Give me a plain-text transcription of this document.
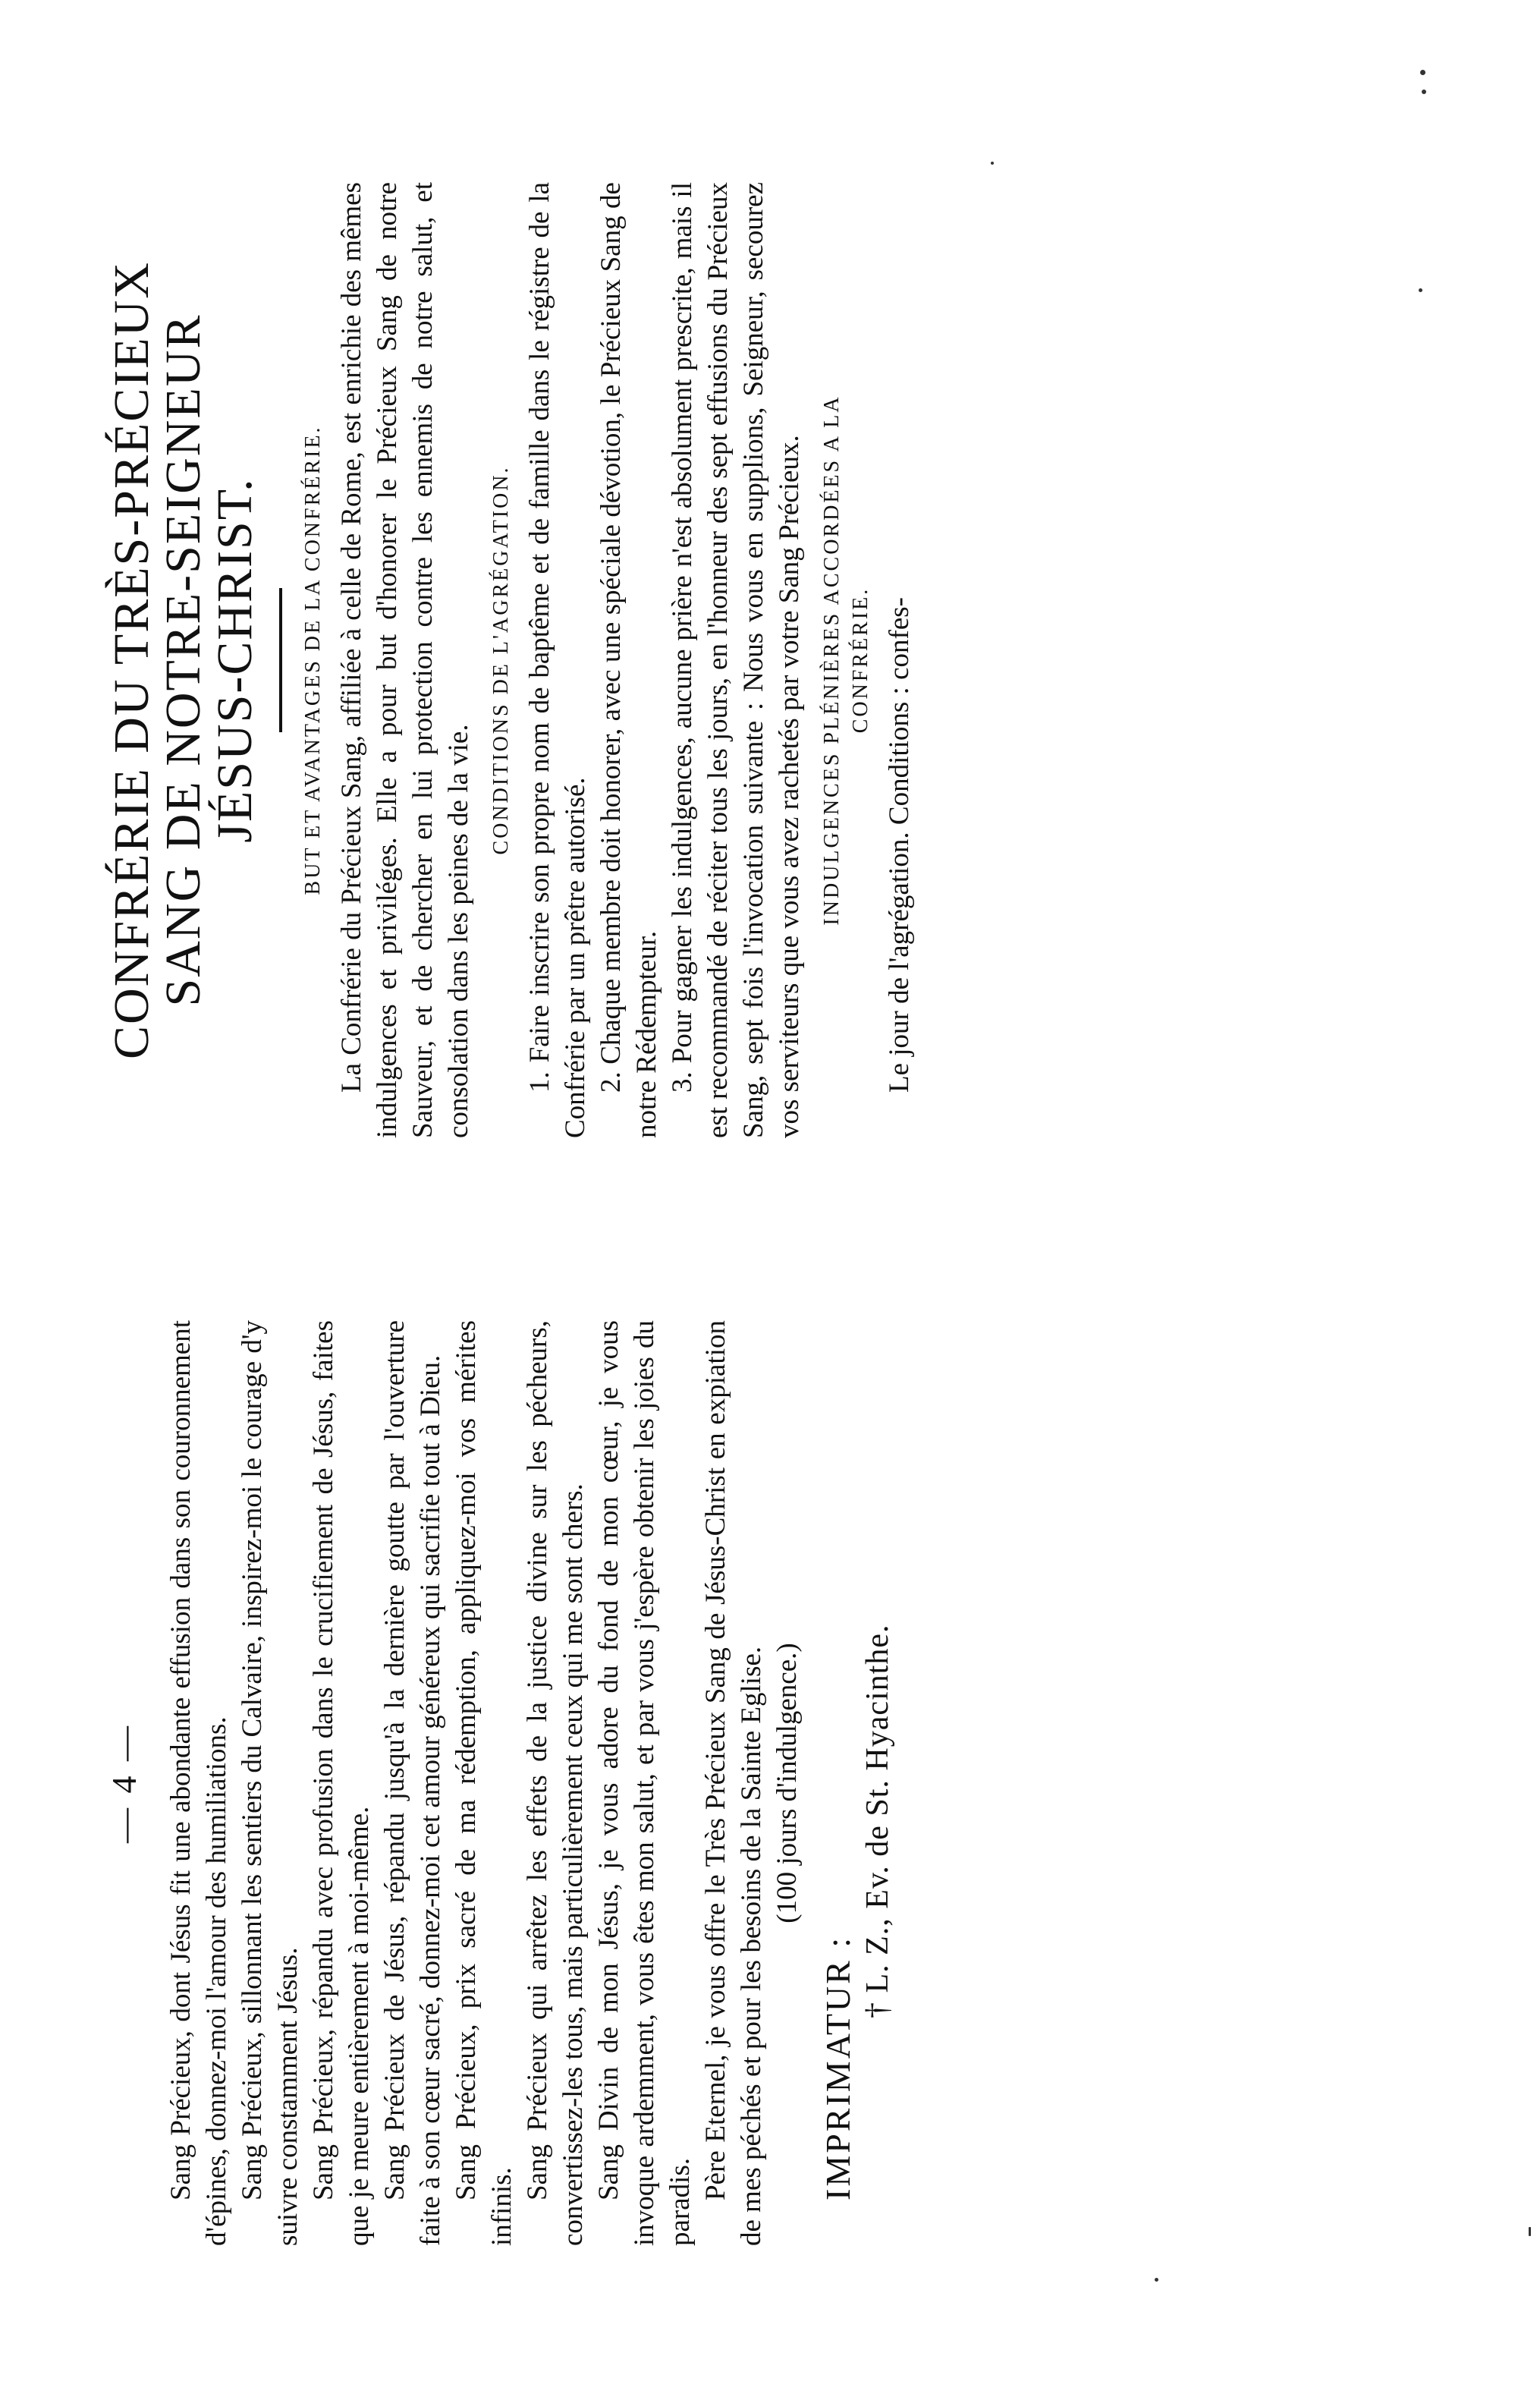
— 4 — Sang Précieux, dont Jésus fit une abondante effusion dans son couronnement d'épines, donnez-moi l'amour des humiliations. Sang Précieux, sillonnant les sentiers du Calvaire, inspirez-moi le courage d'y suivre constamment Jésus. Sang Précieux, répandu avec profusion dans le crucifiement de Jésus, faites que je meure entièrement à moi-même. Sang Précieux de Jésus, répandu jusqu'à la dernière goutte par l'ouverture faite à son cœur sacré, donnez-moi cet amour généreux qui sacrifie tout à Dieu. Sang Précieux, prix sacré de ma rédemption, appliquez-moi vos mérites infinis.

Sang Précieux qui arrêtez les effets de la justice divine sur les pécheurs, convertissez-les tous, mais particulièrement ceux qui me sont chers. Sang Divin de mon Jésus, je vous adore du fond de mon cœur, je vous invoque ardemment, vous êtes mon salut, et par vous j'espère obtenir les joies du paradis.

Père Eternel, je vous offre le Très Précieux Sang de Jésus-Christ en expiation de mes péchés et pour les besoins de la Sainte Eglise. (100 jours d'indulgence.)

IMPRIMATUR :
† L. Z., Ev. de St. Hyacinthe.

CONFRÉRIE DU TRÈS-PRÉCIEUX

SANG DE NOTRE-SEIGNEUR

JÉSUS-CHRIST. BUT ET AVANTAGES DE LA CONFRÉRIE. La Confrérie du Précieux Sang, affiliée à celle de Rome, est enrichie des mêmes indulgences et priviléges. Elle a pour but d'honorer le Précieux Sang de notre Sauveur, et de chercher en lui protection contre les ennemis de notre salut, et consolation dans les peines de la vie.

CONDITIONS DE L'AGRÉGATION. 1. Faire inscrire son propre nom de baptême et de famille dans le régistre de la Confrérie par un prêtre autorisé. 2. Chaque membre doit honorer, avec une spéciale dévotion, le Précieux Sang de notre Rédempteur. 3. Pour gagner les indulgences, aucune prière n'est absolument prescrite, mais il est recommandé de réciter tous les jours, en l'honneur des sept effusions du Précieux Sang, sept fois l'invocation suivante : Nous vous en supplions, Seigneur, secourez vos serviteurs que vous avez rachetés par votre Sang Précieux. INDULGENCES PLÉNIÈRES ACCORDÉES A LA CONFRÉRIE. Le jour de l'agrégation. Conditions : confes-
